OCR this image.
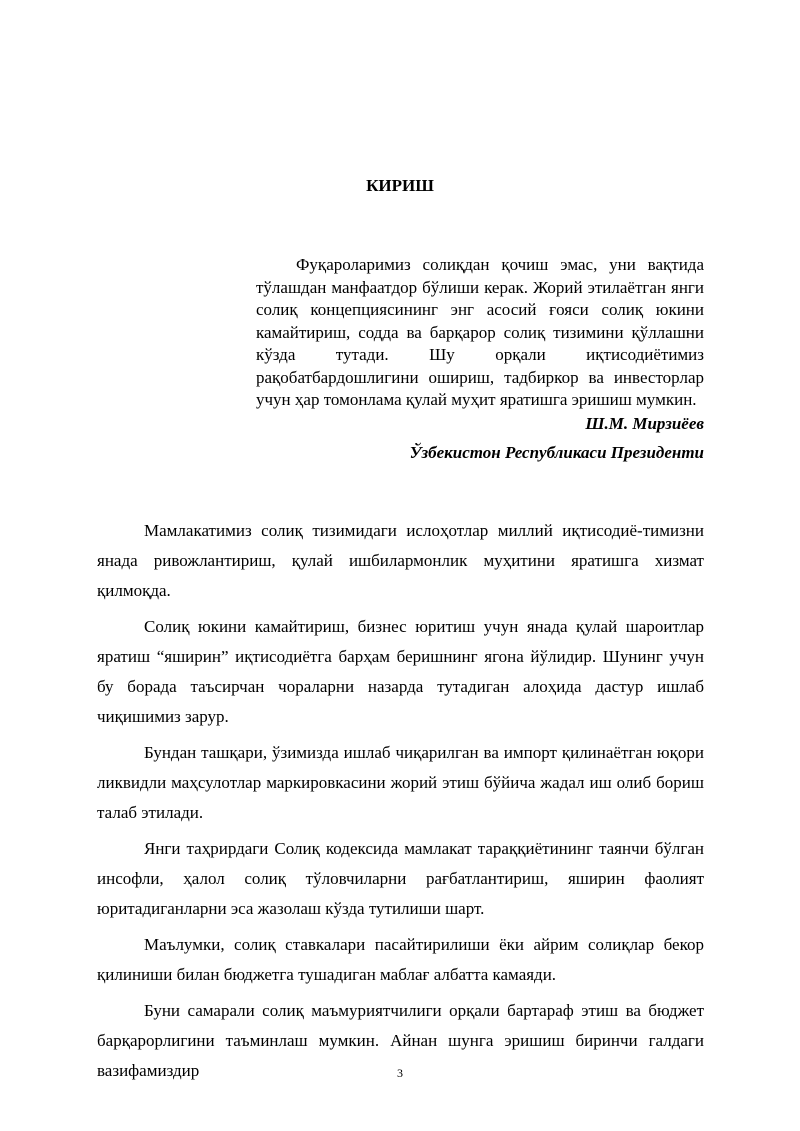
КИРИШ

Фуқароларимиз солиқдан қочиш эмас, уни вақтида тўлашдан манфаатдор бўлиши керак. Жорий этилаётган янги солиқ концепциясининг энг асосий ғояси солиқ юкини камайтириш, содда ва барқарор солиқ тизимини қўллашни кўзда тутади. Шу орқали иқтисодиётимиз рақобатбардошлигини ошириш, тадбиркор ва инвесторлар учун ҳар томонлама қулай муҳит яратишга эришиш мумкин.

Ш.М. Мирзиёев

Ўзбекистон Республикаси Президенти

Мамлакатимиз солиқ тизимидаги ислоҳотлар миллий иқтисодиё-тимизни янада ривожлантириш, қулай ишбилармонлик муҳитини яратишга хизмат қилмоқда.

Солиқ юкини камайтириш, бизнес юритиш учун янада қулай шароитлар яратиш “яширин” иқтисодиётга барҳам беришнинг ягона йўлидир. Шунинг учун бу борада таъсирчан чораларни назарда тутадиган алоҳида дастур ишлаб чиқишимиз зарур.

Бундан ташқари, ўзимизда ишлаб чиқарилган ва импорт қилинаётган юқори ликвидли маҳсулотлар маркировкасини жорий этиш бўйича жадал иш олиб бориш талаб этилади.

Янги таҳрирдаги Солиқ кодексида мамлакат тараққиётининг таянчи бўлган инсофли, ҳалол солиқ тўловчиларни рағбатлантириш, яширин фаолият юритадиганларни эса жазолаш кўзда тутилиши шарт.

Маълумки, солиқ ставкалари пасайтирилиши ёки айрим солиқлар бекор қилиниши билан бюджетга тушадиган маблағ албатта камаяди.

Буни самарали солиқ маъмуриятчилиги орқали бартараф этиш ва бюджет барқарорлигини таъминлаш мумкин. Айнан шунга эришиш биринчи галдаги вазифамиздир	3
